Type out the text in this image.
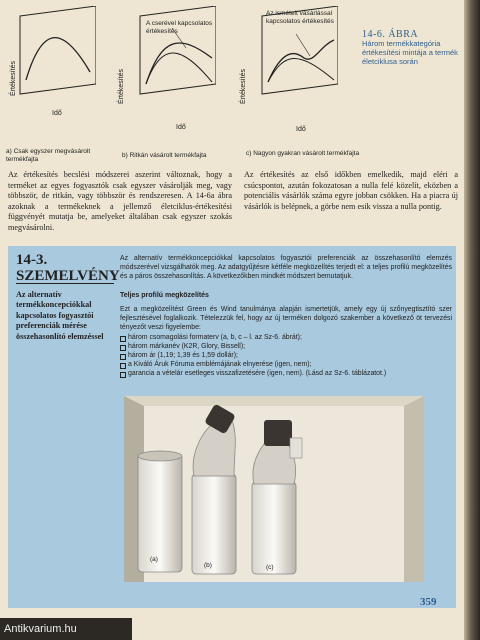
Értékesítés
Idő
a) Csak egyszer megvásárolt termékfajta
Értékesítés
Idő
A cserével kapcsolatos értékesítés
b) Ritkán vásárolt termékfajta
Értékesítés
Idő
Az ismételt vásárlással kapcsolatos értékesítés
c) Nagyon gyakran vásárolt termékfajta
14-6. ÁBRA
Három termékkategória értékesítési mintája a termék életciklusa során
Az értékesítés becslési módszerei aszerint változnak, hogy a terméket az egyes fogyasztók csak egyszer vásárolják meg, vagy többször, de ritkán, vagy többször és rendszeresen. A 14-6a ábra azoknak a termékeknek a jellemző életciklus-értékesítési függvényét mutatja be, amelyeket általában csak egyszer szokás megvásárolni.
Az értékesítés az első időkben emelkedik, majd eléri a csúcspontot, azután fokozatosan a nulla felé közelít, eközben a potenciális vásárlók száma egyre jobban csökken. Ha a piacra új vásárlók is belépnek, a görbe nem esik vissza a nulla pontig.
14-3. SZEMELVÉNY
Az alternatív termékkoncepciókkal kapcsolatos fogyasztói preferenciák mérése összehasonlító elemzéssel
Az alternatív termékkoncepciókkal kapcsolatos fogyasztói preferenciák az összehasonlító elemzés módszerével vizsgálhatók meg. Az adatgyűjtésre kétféle megközelítés terjedt el: a teljes profilú megközelítés és a páros összehasonlítás. A következőkben mindkét módszert bemutatjuk.
Teljes profilú megközelítés
Ezt a megközelítést Green és Wind tanulmánya alapján ismertetjük, amely egy új szőnyegtisztító szer fejlesztésével foglalkozik. Tételezzük fel, hogy az új terméken dolgozó szakember a következő öt tervezési tényezőt veszi figyelembe:
három csomagolási formaterv (a, b, c – l. az Sz-6. ábrát);
három márkanév (K2R, Glory, Bissell);
három ár (1,19; 1,39 és 1,59 dollár);
a Kiváló Áruk Fóruma emblémájának elnyerése (igen, nem);
garancia a vételár esetleges visszafizetésére (igen, nem). (Lásd az Sz-6. táblázatot.)
(a)
(b)	(c)
359
Antikvarium.hu
